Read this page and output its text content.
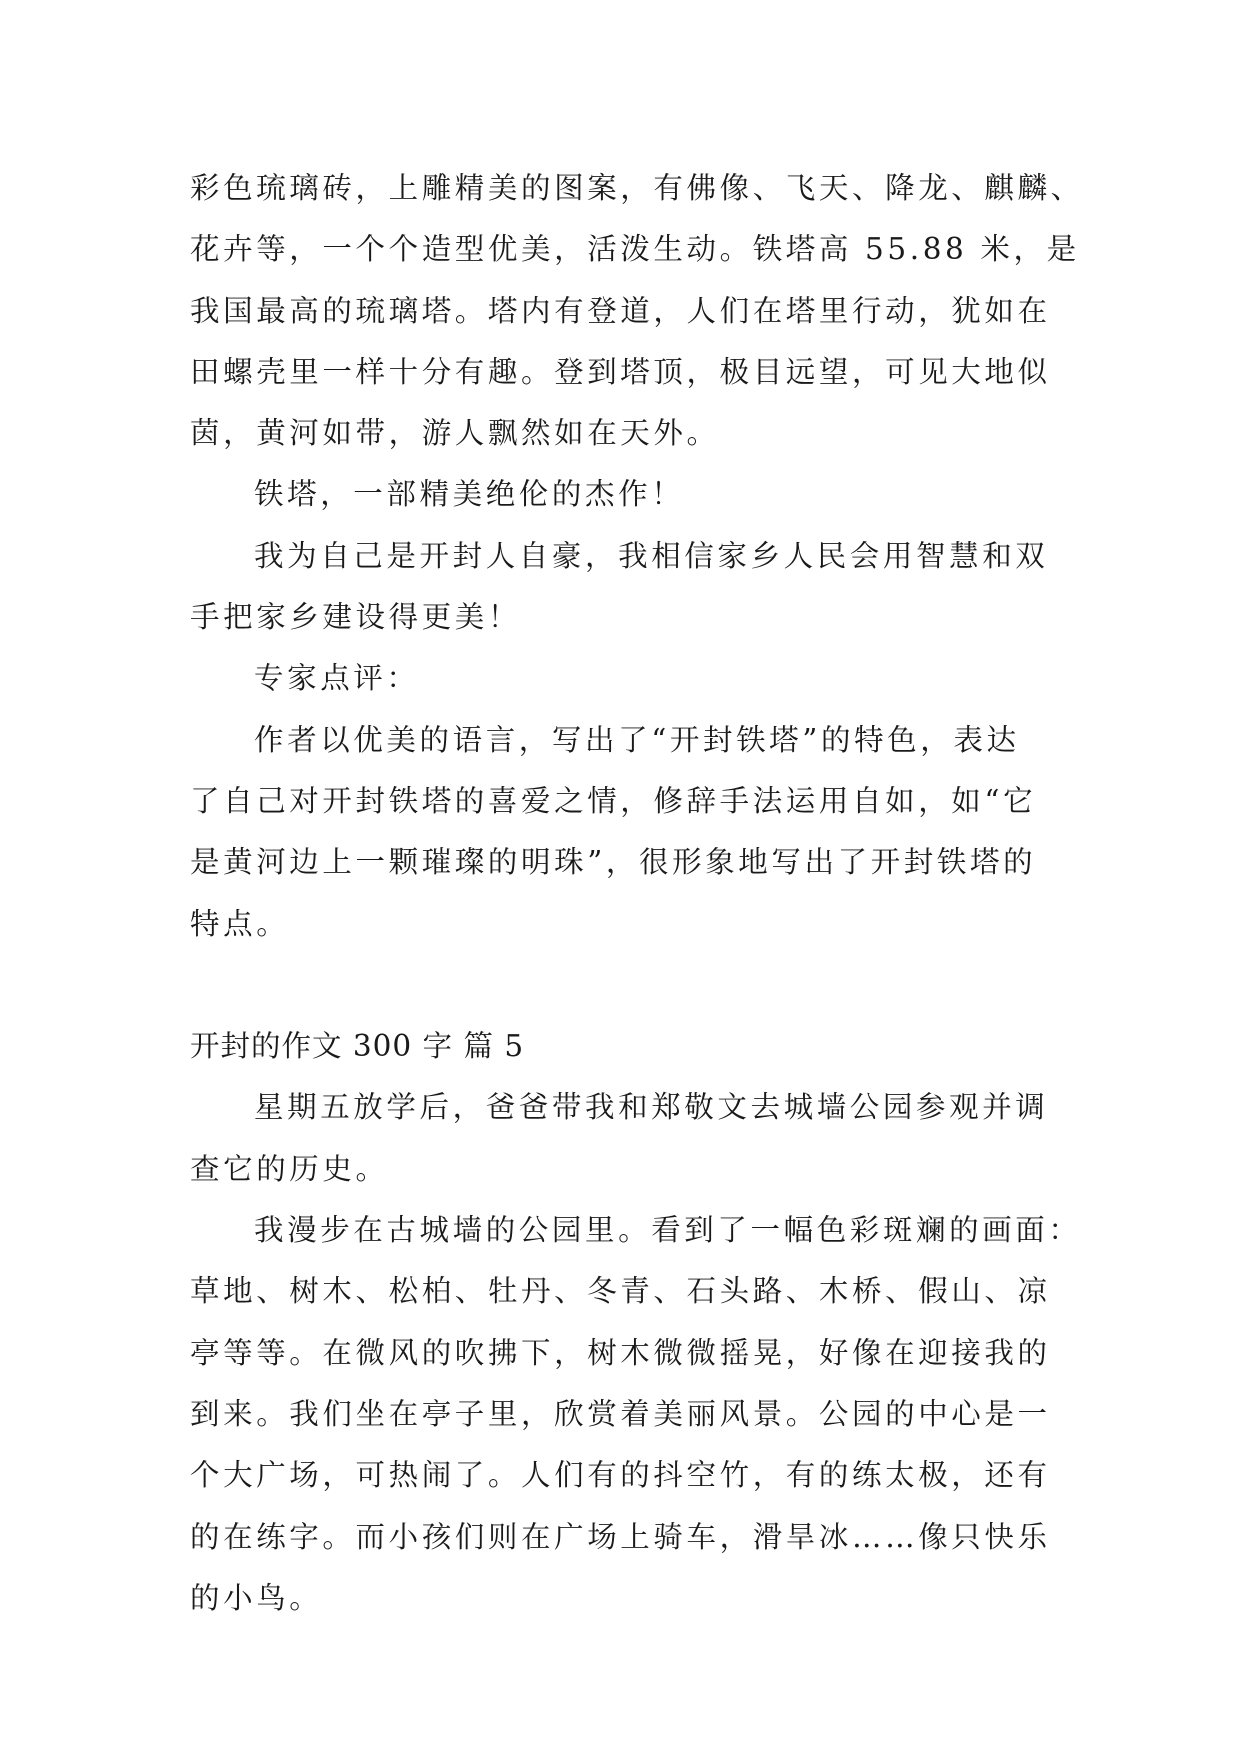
彩色琉璃砖，上雕精美的图案，有佛像、飞天、降龙、麒麟、
花卉等，一个个造型优美，活泼生动。铁塔高 55.88 米，是
我国最高的琉璃塔。塔内有登道，人们在塔里行动，犹如在
田螺壳里一样十分有趣。登到塔顶，极目远望，可见大地似
茵，黄河如带，游人飘然如在天外。
铁塔，一部精美绝伦的杰作！
我为自己是开封人自豪，我相信家乡人民会用智慧和双
手把家乡建设得更美！
专家点评：
作者以优美的语言，写出了“开封铁塔”的特色，表达
了自己对开封铁塔的喜爱之情，修辞手法运用自如，如“它
是黄河边上一颗璀璨的明珠”，很形象地写出了开封铁塔的
特点。
开封的作文 300 字 篇 5
星期五放学后，爸爸带我和郑敬文去城墙公园参观并调
查它的历史。
我漫步在古城墙的公园里。看到了一幅色彩斑斓的画面：
草地、树木、松柏、牡丹、冬青、石头路、木桥、假山、凉
亭等等。在微风的吹拂下，树木微微摇晃，好像在迎接我的
到来。我们坐在亭子里，欣赏着美丽风景。公园的中心是一
个大广场，可热闹了。人们有的抖空竹，有的练太极，还有
的在练字。而小孩们则在广场上骑车，滑旱冰……像只快乐
的小鸟。
